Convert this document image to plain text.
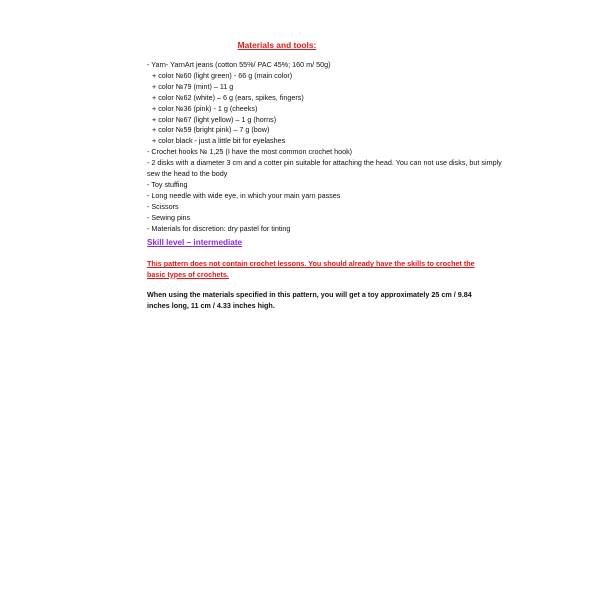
Materials and tools:
- Yarn- YarnArt jeans (cotton 55%/ PAC 45%; 160 m/ 50g)
+ color №60 (light green) - 66 g (main color)
+ color №79 (mint) – 11 g
+ color №62 (white) – 6 g (ears, spikes, fingers)
+ color №36 (pink) - 1 g (cheeks)
+ color №67 (light yellow) – 1 g (horns)
+ color №59 (bright pink) – 7 g (bow)
+ color black - just a little bit for eyelashes
- Crochet hooks № 1,25 (I have the most common crochet hook)
- 2 disks with a diameter 3 cm and a cotter pin suitable for attaching the head. You can not use disks, but simply sew the head to the body
- Toy stuffing
- Long needle with wide eye, in which your main yarn passes
- Scissors
- Sewing pins
- Materials for discretion: dry pastel for tinting
Skill level – intermediate
This pattern does not contain crochet lessons. You should already have the skills to crochet the basic types of crochets.
When using the materials specified in this pattern, you will get a toy approximately 25 cm / 9.84 inches long, 11 cm / 4.33 inches high.
